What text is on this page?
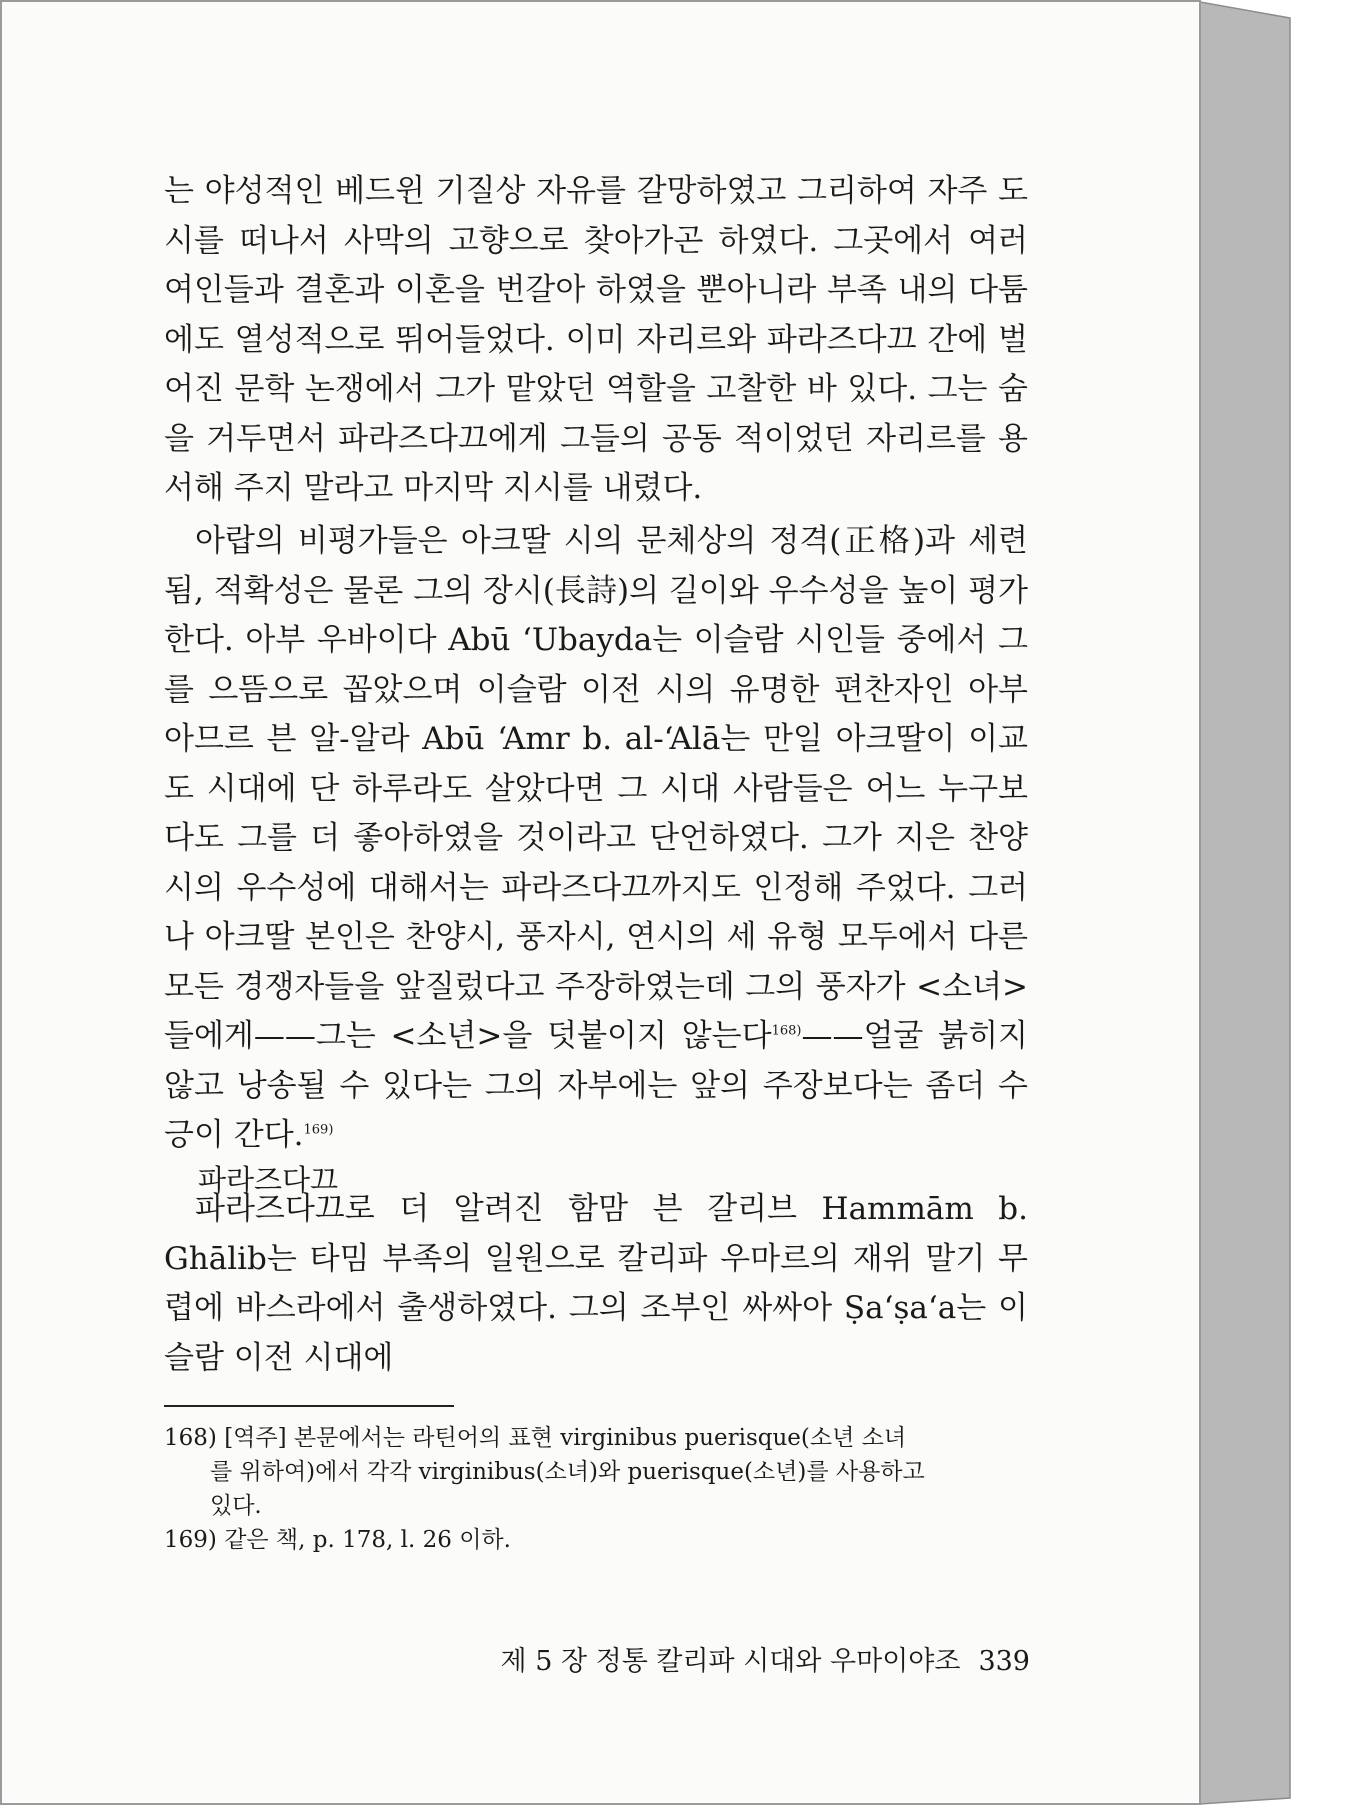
는 야성적인 베드윈 기질상 자유를 갈망하였고 그리하여 자주 도시를 떠나서 사막의 고향으로 찾아가곤 하였다. 그곳에서 여러 여인들과 결혼과 이혼을 번갈아 하였을 뿐아니라 부족 내의 다툼에도 열성적으로 뛰어들었다. 이미 자리르와 파라즈다끄 간에 벌어진 문학 논쟁에서 그가 맡았던 역할을 고찰한 바 있다. 그는 숨을 거두면서 파라즈다끄에게 그들의 공동 적이었던 자리르를 용서해 주지 말라고 마지막 지시를 내렸다.

아랍의 비평가들은 아크딸 시의 문체상의 정격(正格)과 세련됨, 적확성은 물론 그의 장시(長詩)의 길이와 우수성을 높이 평가한다. 아부 우바이다 Abū ‘Ubayda는 이슬람 시인들 중에서 그를 으뜸으로 꼽았으며 이슬람 이전 시의 유명한 편찬자인 아부 아므르 븐 알-알라 Abū ‘Amr b. al-‘Alā는 만일 아크딸이 이교도 시대에 단 하루라도 살았다면 그 시대 사람들은 어느 누구보다도 그를 더 좋아하였을 것이라고 단언하였다. 그가 지은 찬양시의 우수성에 대해서는 파라즈다끄까지도 인정해 주었다. 그러나 아크딸 본인은 찬양시, 풍자시, 연시의 세 유형 모두에서 다른 모든 경쟁자들을 앞질렀다고 주장하였는데 그의 풍자가 <소녀>들에게——그는 <소년>을 덧붙이지 않는다$^{168)}$——얼굴 붉히지 않고 낭송될 수 있다는 그의 자부에는 앞의 주장보다는 좀더 수긍이 간다.$^{169)}$

파라즈다끄

파라즈다끄로 더 알려진 함맘 븐 갈리브 Hammām b. Ghālib는 타밈 부족의 일원으로 칼리파 우마르의 재위 말기 무렵에 바스라에서 출생하였다. 그의 조부인 싸싸아 Ṣa‘ṣa‘a는 이슬람 이전 시대에

168) [역주] 본문에서는 라틴어의 표현 virginibus puerisque(소년 소녀
를 위하여)에서 각각 virginibus(소녀)와 puerisque(소년)를 사용하고
있다.

169) 같은 책, p. 178, l. 26 이하.

제 5 장 정통 칼리파 시대와 우마이야조 339
